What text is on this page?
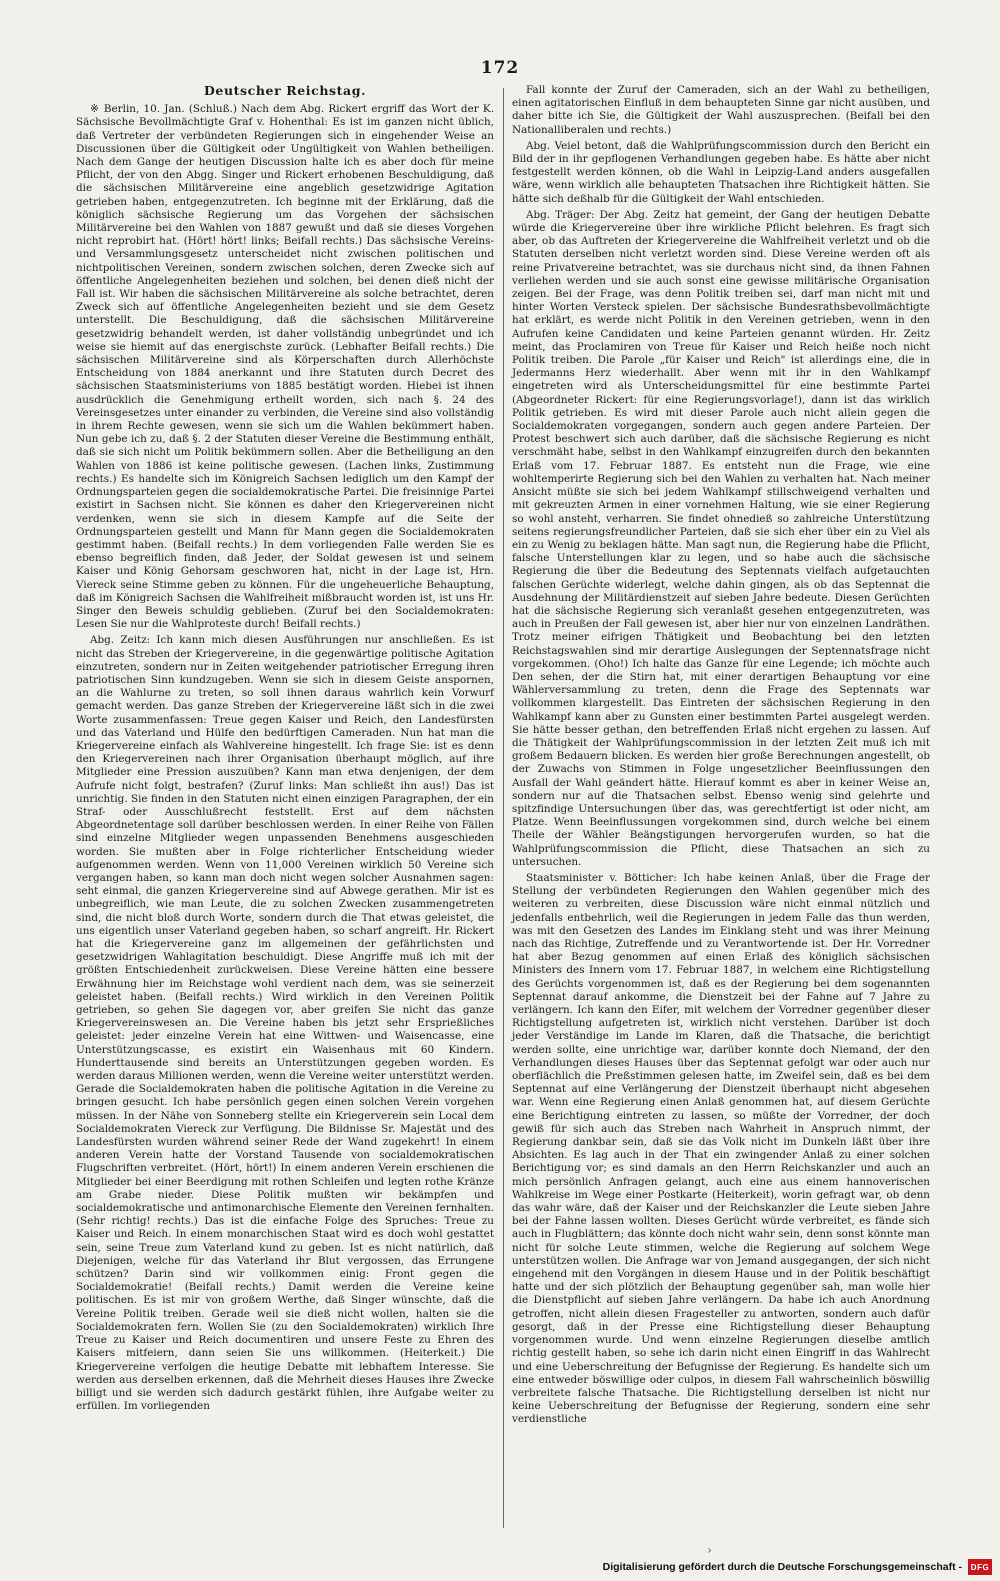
172
Deutscher Reichstag.

※ Berlin, 10. Jan. (Schluß.) Nach dem Abg. Rickert ergriff das Wort der K. Sächsische Bevollmächtigte Graf v. Hohenthal: Es ist im ganzen nicht üblich, daß Vertreter der verbündeten Regierungen sich in eingehender Weise an Discussionen über die Gültigkeit oder Ungültigkeit von Wahlen betheiligen. Nach dem Gange der heutigen Discussion halte ich es aber doch für meine Pflicht, der von den Abgg. Singer und Rickert erhobenen Beschuldigung, daß die sächsischen Militärvereine eine angeblich gesetzwidrige Agitation getrieben haben, entgegenzutreten. Ich beginne mit der Erklärung, daß die königlich sächsische Regierung um das Vorgehen der sächsischen Militärvereine bei den Wahlen von 1887 gewußt und daß sie dieses Vorgehen nicht reprobirt hat. (Hört! hört! links; Beifall rechts.) Das sächsische Vereins- und Versammlungsgesetz unterscheidet nicht zwischen politischen und nichtpolitischen Vereinen, sondern zwischen solchen, deren Zwecke sich auf öffentliche Angelegenheiten beziehen und solchen, bei denen dieß nicht der Fall ist. Wir haben die sächsischen Militärvereine als solche betrachtet, deren Zweck sich auf öffentliche Angelegenheiten bezieht und sie dem Gesetz unterstellt. Die Beschuldigung, daß die sächsischen Militärvereine gesetzwidrig behandelt werden, ist daher vollständig unbegründet und ich weise sie hiemit auf das energischste zurück. (Lebhafter Beifall rechts.) Die sächsischen Militärvereine sind als Körperschaften durch Allerhöchste Entscheidung von 1884 anerkannt und ihre Statuten durch Decret des sächsischen Staatsministeriums von 1885 bestätigt worden. Hiebei ist ihnen ausdrücklich die Genehmigung ertheilt worden, sich nach §. 24 des Vereinsgesetzes unter einander zu verbinden, die Vereine sind also vollständig in ihrem Rechte gewesen, wenn sie sich um die Wahlen bekümmert haben. Nun gebe ich zu, daß §. 2 der Statuten dieser Vereine die Bestimmung enthält, daß sie sich nicht um Politik bekümmern sollen. Aber die Betheiligung an den Wahlen von 1886 ist keine politische gewesen. (Lachen links, Zustimmung rechts.) Es handelte sich im Königreich Sachsen lediglich um den Kampf der Ordnungsparteien gegen die socialdemokratische Partei. Die freisinnige Partei existirt in Sachsen nicht. Sie können es daher den Kriegervereinen nicht verdenken, wenn sie sich in diesem Kampfe auf die Seite der Ordnungsparteien gestellt und Mann für Mann gegen die Socialdemokraten gestimmt haben. (Beifall rechts.) In dem vorliegenden Falle werden Sie es ebenso begreiflich finden, daß Jeder, der Soldat gewesen ist und seinem Kaiser und König Gehorsam geschworen hat, nicht in der Lage ist, Hrn. Viereck seine Stimme geben zu können. Für die ungeheuerliche Behauptung, daß im Königreich Sachsen die Wahlfreiheit mißbraucht worden ist, ist uns Hr. Singer den Beweis schuldig geblieben. (Zuruf bei den Socialdemokraten: Lesen Sie nur die Wahlproteste durch! Beifall rechts.)

Abg. Zeitz: Ich kann mich diesen Ausführungen nur anschließen. Es ist nicht das Streben der Kriegervereine, in die gegenwärtige politische Agitation einzutreten, sondern nur in Zeiten weitgehender patriotischer Erregung ihren patriotischen Sinn kundzugeben. Wenn sie sich in diesem Geiste anspornen, an die Wahlurne zu treten, so soll ihnen daraus wahrlich kein Vorwurf gemacht werden. Das ganze Streben der Kriegervereine läßt sich in die zwei Worte zusammenfassen: Treue gegen Kaiser und Reich, den Landesfürsten und das Vaterland und Hülfe den bedürftigen Cameraden. Nun hat man die Kriegervereine einfach als Wahlvereine hingestellt. Ich frage Sie: ist es denn den Kriegervereinen nach ihrer Organisation überhaupt möglich, auf ihre Mitglieder eine Pression auszuüben? Kann man etwa denjenigen, der dem Aufrufe nicht folgt, bestrafen? (Zuruf links: Man schließt ihn aus!) Das ist unrichtig. Sie finden in den Statuten nicht einen einzigen Paragraphen, der ein Straf- oder Ausschlußrecht feststellt. Erst auf dem nächsten Abgeordnetentage soll darüber beschlossen werden. In einer Reihe von Fällen sind einzelne Mitglieder wegen unpassenden Benehmens ausgeschieden worden. Sie mußten aber in Folge richterlicher Entscheidung wieder aufgenommen werden. Wenn von 11,000 Vereinen wirklich 50 Vereine sich vergangen haben, so kann man doch nicht wegen solcher Ausnahmen sagen: seht einmal, die ganzen Kriegervereine sind auf Abwege gerathen. Mir ist es unbegreiflich, wie man Leute, die zu solchen Zwecken zusammengetreten sind, die nicht bloß durch Worte, sondern durch die That etwas geleistet, die uns eigentlich unser Vaterland gegeben haben, so scharf angreift. Hr. Rickert hat die Kriegervereine ganz im allgemeinen der gefährlichsten und gesetzwidrigen Wahlagitation beschuldigt. Diese Angriffe muß ich mit der größten Entschiedenheit zurückweisen. Diese Vereine hätten eine bessere Erwähnung hier im Reichstage wohl verdient nach dem, was sie seinerzeit geleistet haben. (Beifall rechts.) Wird wirklich in den Vereinen Politik getrieben, so gehen Sie dagegen vor, aber greifen Sie nicht das ganze Kriegervereinswesen an. Die Vereine haben bis jetzt sehr Ersprießliches geleistet: jeder einzelne Verein hat eine Wittwen- und Waisencasse, eine Unterstützungscasse, es existirt ein Waisenhaus mit 60 Kindern. Hunderttausende sind bereits an Unterstützungen gegeben worden. Es werden daraus Millionen werden, wenn die Vereine weiter unterstützt werden. Gerade die Socialdemokraten haben die politische Agitation in die Vereine zu bringen gesucht. Ich habe persönlich gegen einen solchen Verein vorgehen müssen. In der Nähe von Sonneberg stellte ein Kriegerverein sein Local dem Socialdemokraten Viereck zur Verfügung. Die Bildnisse Sr. Majestät und des Landesfürsten wurden während seiner Rede der Wand zugekehrt! In einem anderen Verein hatte der Vorstand Tausende von socialdemokratischen Flugschriften verbreitet. (Hört, hört!) In einem anderen Verein erschienen die Mitglieder bei einer Beerdigung mit rothen Schleifen und legten rothe Kränze am Grabe nieder. Diese Politik mußten wir bekämpfen und socialdemokratische und antimonarchische Elemente den Vereinen fernhalten. (Sehr richtig! rechts.) Das ist die einfache Folge des Spruches: Treue zu Kaiser und Reich. In einem monarchischen Staat wird es doch wohl gestattet sein, seine Treue zum Vaterland kund zu geben. Ist es nicht natürlich, daß Diejenigen, welche für das Vaterland ihr Blut vergossen, das Errungene schützen? Darin sind wir vollkommen einig: Front gegen die Socialdemokratie! (Beifall rechts.) Damit werden die Vereine keine politischen. Es ist mir von großem Werthe, daß Singer wünschte, daß die Vereine Politik treiben. Gerade weil sie dieß nicht wollen, halten sie die Socialdemokraten fern. Wollen Sie (zu den Socialdemokraten) wirklich Ihre Treue zu Kaiser und Reich documentiren und unsere Feste zu Ehren des Kaisers mitfeiern, dann seien Sie uns willkommen. (Heiterkeit.) Die Kriegervereine verfolgen die heutige Debatte mit lebhaftem Interesse. Sie werden aus derselben erkennen, daß die Mehrheit dieses Hauses ihre Zwecke billigt und sie werden sich dadurch gestärkt fühlen, ihre Aufgabe weiter zu erfüllen. Im vorliegenden

Fall konnte der Zuruf der Cameraden, sich an der Wahl zu betheiligen, einen agitatorischen Einfluß in dem behaupteten Sinne gar nicht ausüben, und daher bitte ich Sie, die Gültigkeit der Wahl auszusprechen. (Beifall bei den Nationalliberalen und rechts.)

Abg. Veiel betont, daß die Wahlprüfungscommission durch den Bericht ein Bild der in ihr gepflogenen Verhandlungen gegeben habe. Es hätte aber nicht festgestellt werden können, ob die Wahl in Leipzig-Land anders ausgefallen wäre, wenn wirklich alle behaupteten Thatsachen ihre Richtigkeit hätten. Sie hätte sich deßhalb für die Gültigkeit der Wahl entschieden.

Abg. Träger: Der Abg. Zeitz hat gemeint, der Gang der heutigen Debatte würde die Kriegervereine über ihre wirkliche Pflicht belehren. Es fragt sich aber, ob das Auftreten der Kriegervereine die Wahlfreiheit verletzt und ob die Statuten derselben nicht verletzt worden sind. Diese Vereine werden oft als reine Privatvereine betrachtet, was sie durchaus nicht sind, da ihnen Fahnen verliehen werden und sie auch sonst eine gewisse militärische Organisation zeigen. Bei der Frage, was denn Politik treiben sei, darf man nicht mit und hinter Worten Versteck spielen. Der sächsische Bundesrathsbevollmächtigte hat erklärt, es werde nicht Politik in den Vereinen getrieben, wenn in den Aufrufen keine Candidaten und keine Parteien genannt würden. Hr. Zeitz meint, das Proclamiren von Treue für Kaiser und Reich heiße noch nicht Politik treiben. Die Parole „für Kaiser und Reich" ist allerdings eine, die in Jedermanns Herz wiederhallt. Aber wenn mit ihr in den Wahlkampf eingetreten wird als Unterscheidungsmittel für eine bestimmte Partei (Abgeordneter Rickert: für eine Regierungsvorlage!), dann ist das wirklich Politik getrieben. Es wird mit dieser Parole auch nicht allein gegen die Socialdemokraten vorgegangen, sondern auch gegen andere Parteien. Der Protest beschwert sich auch darüber, daß die sächsische Regierung es nicht verschmäht habe, selbst in den Wahlkampf einzugreifen durch den bekannten Erlaß vom 17. Februar 1887. Es entsteht nun die Frage, wie eine wohltemperirte Regierung sich bei den Wahlen zu verhalten hat. Nach meiner Ansicht müßte sie sich bei jedem Wahlkampf stillschweigend verhalten und mit gekreuzten Armen in einer vornehmen Haltung, wie sie einer Regierung so wohl ansteht, verharren. Sie findet ohnedieß so zahlreiche Unterstützung seitens regierungsfreundlicher Parteien, daß sie sich eher über ein zu Viel als ein zu Wenig zu beklagen hätte. Man sagt nun, die Regierung habe die Pflicht, falsche Unterstellungen klar zu legen, und so habe auch die sächsische Regierung die über die Bedeutung des Septennats vielfach aufgetauchten falschen Gerüchte widerlegt, welche dahin gingen, als ob das Septennat die Ausdehnung der Militärdienstzeit auf sieben Jahre bedeute. Diesen Gerüchten hat die sächsische Regierung sich veranlaßt gesehen entgegenzutreten, was auch in Preußen der Fall gewesen ist, aber hier nur von einzelnen Landräthen. Trotz meiner eifrigen Thätigkeit und Beobachtung bei den letzten Reichstagswahlen sind mir derartige Auslegungen der Septennatsfrage nicht vorgekommen. (Oho!) Ich halte das Ganze für eine Legende; ich möchte auch Den sehen, der die Stirn hat, mit einer derartigen Behauptung vor eine Wählerversammlung zu treten, denn die Frage des Septennats war vollkommen klargestellt. Das Eintreten der sächsischen Regierung in den Wahlkampf kann aber zu Gunsten einer bestimmten Partei ausgelegt werden. Sie hätte besser gethan, den betreffenden Erlaß nicht ergehen zu lassen. Auf die Thätigkeit der Wahlprüfungscommission in der letzten Zeit muß ich mit großem Bedauern blicken. Es werden hier große Berechnungen angestellt, ob der Zuwachs von Stimmen in Folge ungesetzlicher Beeinflussungen den Ausfall der Wahl geändert hätte. Hierauf kommt es aber in keiner Weise an, sondern nur auf die Thatsachen selbst. Ebenso wenig sind gelehrte und spitzfindige Untersuchungen über das, was gerechtfertigt ist oder nicht, am Platze. Wenn Beeinflussungen vorgekommen sind, durch welche bei einem Theile der Wähler Beängstigungen hervorgerufen wurden, so hat die Wahlprüfungscommission die Pflicht, diese Thatsachen an sich zu untersuchen.

Staatsminister v. Bötticher: Ich habe keinen Anlaß, über die Frage der Stellung der verbündeten Regierungen den Wahlen gegenüber mich des weiteren zu verbreiten, diese Discussion wäre nicht einmal nützlich und jedenfalls entbehrlich, weil die Regierungen in jedem Falle das thun werden, was mit den Gesetzen des Landes im Einklang steht und was ihrer Meinung nach das Richtige, Zutreffende und zu Verantwortende ist. Der Hr. Vorredner hat aber Bezug genommen auf einen Erlaß des königlich sächsischen Ministers des Innern vom 17. Februar 1887, in welchem eine Richtigstellung des Gerüchts vorgenommen ist, daß es der Regierung bei dem sogenannten Septennat darauf ankomme, die Dienstzeit bei der Fahne auf 7 Jahre zu verlängern. Ich kann den Eifer, mit welchem der Vorredner gegenüber dieser Richtigstellung aufgetreten ist, wirklich nicht verstehen. Darüber ist doch jeder Verständige im Lande im Klaren, daß die Thatsache, die berichtigt werden sollte, eine unrichtige war, darüber konnte doch Niemand, der den Verhandlungen dieses Hauses über das Septennat gefolgt war oder auch nur oberflächlich die Preßstimmen gelesen hatte, im Zweifel sein, daß es bei dem Septennat auf eine Verlängerung der Dienstzeit überhaupt nicht abgesehen war. Wenn eine Regierung einen Anlaß genommen hat, auf diesem Gerüchte eine Berichtigung eintreten zu lassen, so müßte der Vorredner, der doch gewiß für sich auch das Streben nach Wahrheit in Anspruch nimmt, der Regierung dankbar sein, daß sie das Volk nicht im Dunkeln läßt über ihre Absichten. Es lag auch in der That ein zwingender Anlaß zu einer solchen Berichtigung vor; es sind damals an den Herrn Reichskanzler und auch an mich persönlich Anfragen gelangt, auch eine aus einem hannoverischen Wahlkreise im Wege einer Postkarte (Heiterkeit), worin gefragt war, ob denn das wahr wäre, daß der Kaiser und der Reichskanzler die Leute sieben Jahre bei der Fahne lassen wollten. Dieses Gerücht würde verbreitet, es fände sich auch in Flugblättern; das könnte doch nicht wahr sein, denn sonst könnte man nicht für solche Leute stimmen, welche die Regierung auf solchem Wege unterstützen wollen. Die Anfrage war von Jemand ausgegangen, der sich nicht eingehend mit den Vorgängen in diesem Hause und in der Politik beschäftigt hatte und der sich plötzlich der Behauptung gegenüber sah, man wolle hier die Dienstpflicht auf sieben Jahre verlängern. Da habe ich auch Anordnung getroffen, nicht allein diesen Fragesteller zu antworten, sondern auch dafür gesorgt, daß in der Presse eine Richtigstellung dieser Behauptung vorgenommen wurde. Und wenn einzelne Regierungen dieselbe amtlich richtig gestellt haben, so sehe ich darin nicht einen Eingriff in das Wahlrecht und eine Ueberschreitung der Befugnisse der Regierung. Es handelte sich um eine entweder böswillige oder culpos, in diesem Fall wahrscheinlich böswillig verbreitete falsche Thatsache. Die Richtigstellung derselben ist nicht nur keine Ueberschreitung der Befugnisse der Regierung, sondern eine sehr verdienstliche

›
Digitalisierung gefördert durch die Deutsche Forschungsgemeinschaft -	DFG
